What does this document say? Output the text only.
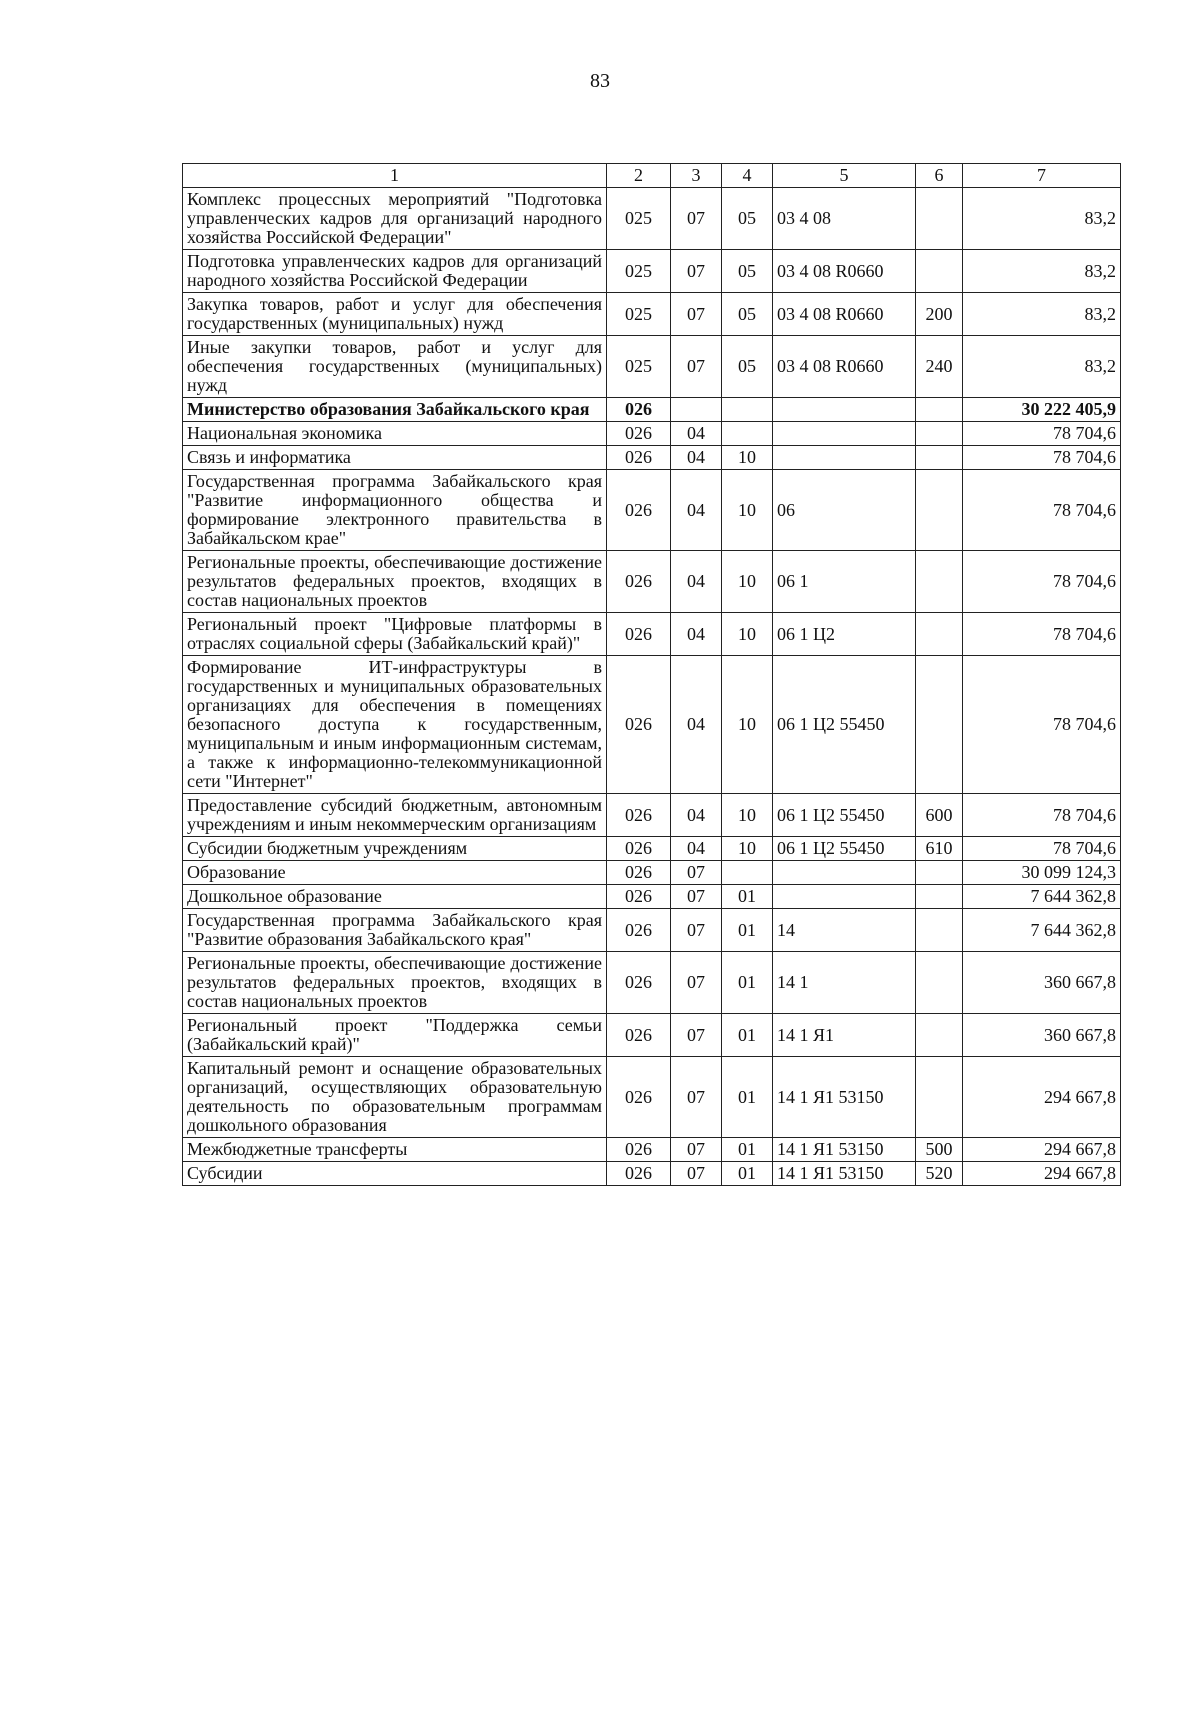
83
1	2	3	4	5	6	7
Комплекс процессных мероприятий "Подготовка управленческих кадров для организаций народного хозяйства Российской Федерации"	025	07	05	03 4 08		83,2
Подготовка управленческих кадров для организаций народного хозяйства Российской Федерации	025	07	05	03 4 08 R0660		83,2
Закупка товаров, работ и услуг для обеспечения государственных (муниципальных) нужд	025	07	05	03 4 08 R0660	200	83,2
Иные закупки товаров, работ и услуг для обеспечения государственных (муниципальных) нужд	025	07	05	03 4 08 R0660	240	83,2
Министерство образования Забайкальского края	026					30 222 405,9
Национальная экономика	026	04				78 704,6
Связь и информатика	026	04	10			78 704,6
Государственная программа Забайкальского края "Развитие информационного общества и формирование электронного правительства в Забайкальском крае"	026	04	10	06		78 704,6
Региональные проекты, обеспечивающие достижение результатов федеральных проектов, входящих в состав национальных проектов	026	04	10	06 1		78 704,6
Региональный проект "Цифровые платформы в отраслях социальной сферы (Забайкальский край)"	026	04	10	06 1 Ц2		78 704,6
Формирование ИТ-инфраструктуры в государственных и муниципальных образовательных организациях для обеспечения в помещениях безопасного доступа к государственным, муниципальным и иным информационным системам, а также к информационно-телекоммуникационной сети "Интернет"	026	04	10	06 1 Ц2 55450		78 704,6
Предоставление субсидий бюджетным, автономным учреждениям и иным некоммерческим организациям	026	04	10	06 1 Ц2 55450	600	78 704,6
Субсидии бюджетным учреждениям	026	04	10	06 1 Ц2 55450	610	78 704,6
Образование	026	07				30 099 124,3
Дошкольное образование	026	07	01			7 644 362,8
Государственная программа Забайкальского края "Развитие образования Забайкальского края"	026	07	01	14		7 644 362,8
Региональные проекты, обеспечивающие достижение результатов федеральных проектов, входящих в состав национальных проектов	026	07	01	14 1		360 667,8
Региональный проект "Поддержка семьи (Забайкальский край)"	026	07	01	14 1 Я1		360 667,8
Капитальный ремонт и оснащение образовательных организаций, осуществляющих образовательную деятельность по образовательным программам дошкольного образования	026	07	01	14 1 Я1 53150		294 667,8
Межбюджетные трансферты	026	07	01	14 1 Я1 53150	500	294 667,8
Субсидии	026	07	01	14 1 Я1 53150	520	294 667,8
